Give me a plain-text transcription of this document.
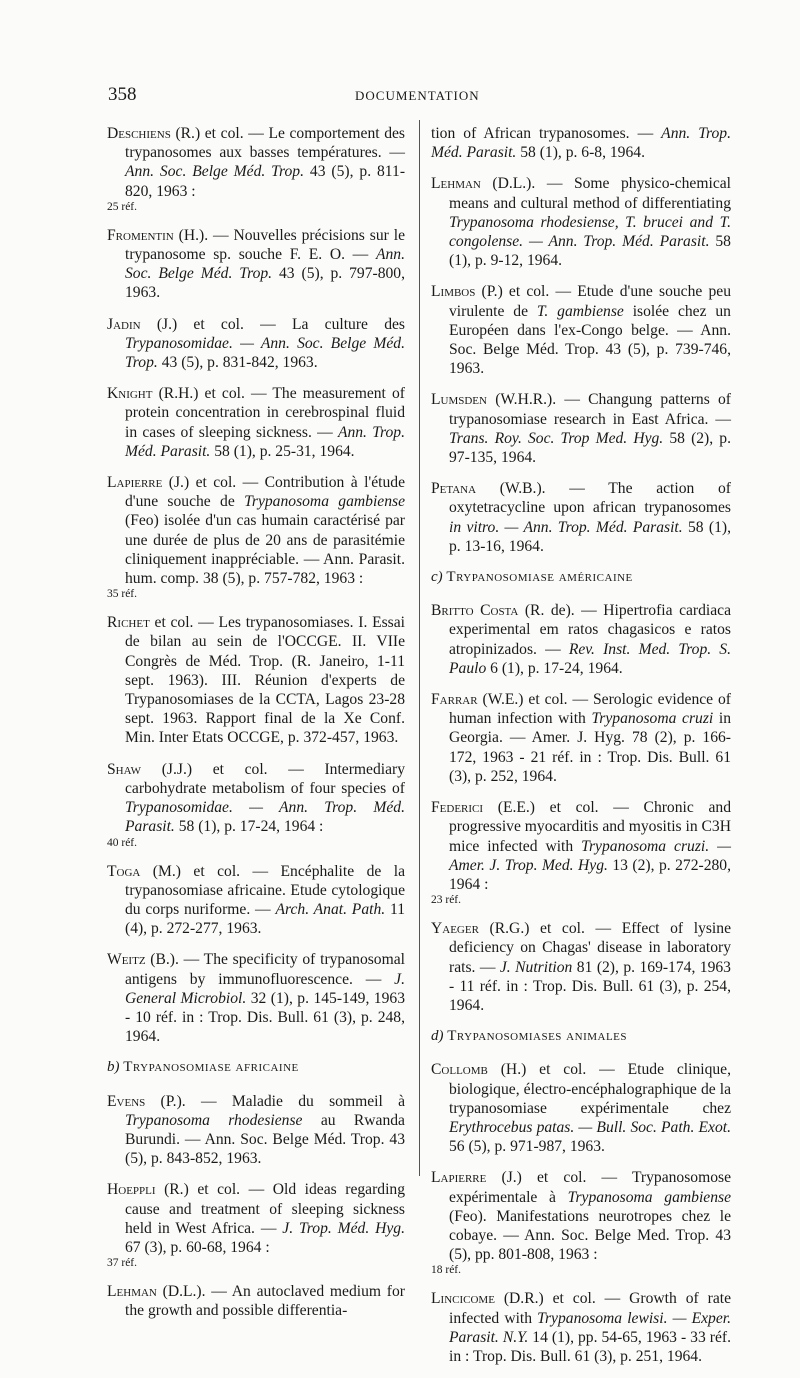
358	DOCUMENTATION
Deschiens (R.) et col. — Le comportement des trypanosomes aux basses températures. — Ann. Soc. Belge Méd. Trop. 43 (5), p. 811-820, 1963 :
25 réf.
Fromentin (H.). — Nouvelles précisions sur le trypanosome sp. souche F. E. O. — Ann. Soc. Belge Méd. Trop. 43 (5), p. 797-800, 1963.
Jadin (J.) et col. — La culture des Trypanosomidae. — Ann. Soc. Belge Méd. Trop. 43 (5), p. 831-842, 1963.
Knight (R.H.) et col. — The measurement of protein concentration in cerebrospinal fluid in cases of sleeping sickness. — Ann. Trop. Méd. Parasit. 58 (1), p. 25-31, 1964.
Lapierre (J.) et col. — Contribution à l'étude d'une souche de Trypanosoma gambiense (Feo) isolée d'un cas humain caractérisé par une durée de plus de 20 ans de parasitémie cliniquement inappréciable. — Ann. Parasit. hum. comp. 38 (5), p. 757-782, 1963 :
35 réf.
Richet et col. — Les trypanosomiases. I. Essai de bilan au sein de l'OCCGE. II. VIIe Congrès de Méd. Trop. (R. Janeiro, 1-11 sept. 1963). III. Réunion d'experts de Trypanosomiases de la CCTA, Lagos 23-28 sept. 1963. Rapport final de la Xe Conf. Min. Inter Etats OCCGE, p. 372-457, 1963.
Shaw (J.J.) et col. — Intermediary carbohydrate metabolism of four species of Trypanosomidae. — Ann. Trop. Méd. Parasit. 58 (1), p. 17-24, 1964 :
40 réf.
Toga (M.) et col. — Encéphalite de la trypanosomiase africaine. Etude cytologique du corps nuriforme. — Arch. Anat. Path. 11 (4), p. 272-277, 1963.
Weitz (B.). — The specificity of trypanosomal antigens by immunofluorescence. — J. General Microbiol. 32 (1), p. 145-149, 1963 - 10 réf. in : Trop. Dis. Bull. 61 (3), p. 248, 1964.
b) Trypanosomiase africaine
Evens (P.). — Maladie du sommeil à Trypanosoma rhodesiense au Rwanda Burundi. — Ann. Soc. Belge Méd. Trop. 43 (5), p. 843-852, 1963.
Hoeppli (R.) et col. — Old ideas regarding cause and treatment of sleeping sickness held in West Africa. — J. Trop. Méd. Hyg. 67 (3), p. 60-68, 1964 :
37 réf.
Lehman (D.L.). — An autoclaved medium for the growth and possible differentia-
tion of African trypanosomes. — Ann. Trop. Méd. Parasit. 58 (1), p. 6-8, 1964.
Lehman (D.L.). — Some physico-chemical means and cultural method of differentiating Trypanosoma rhodesiense, T. brucei and T. congolense. — Ann. Trop. Méd. Parasit. 58 (1), p. 9-12, 1964.
Limbos (P.) et col. — Etude d'une souche peu virulente de T. gambiense isolée chez un Européen dans l'ex-Congo belge. — Ann. Soc. Belge Méd. Trop. 43 (5), p. 739-746, 1963.
Lumsden (W.H.R.). — Changung patterns of trypanosomiase research in East Africa. — Trans. Roy. Soc. Trop Med. Hyg. 58 (2), p. 97-135, 1964.
Petana (W.B.). — The action of oxytetracycline upon african trypanosomes in vitro. — Ann. Trop. Méd. Parasit. 58 (1), p. 13-16, 1964.
c) Trypanosomiase américaine
Britto Costa (R. de). — Hipertrofia cardiaca experimental em ratos chagasicos e ratos atropinizados. — Rev. Inst. Med. Trop. S. Paulo 6 (1), p. 17-24, 1964.
Farrar (W.E.) et col. — Serologic evidence of human infection with Trypanosoma cruzi in Georgia. — Amer. J. Hyg. 78 (2), p. 166-172, 1963 - 21 réf. in : Trop. Dis. Bull. 61 (3), p. 252, 1964.
Federici (E.E.) et col. — Chronic and progressive myocarditis and myositis in C3H mice infected with Trypanosoma cruzi. — Amer. J. Trop. Med. Hyg. 13 (2), p. 272-280, 1964 :
23 réf.
Yaeger (R.G.) et col. — Effect of lysine deficiency on Chagas' disease in laboratory rats. — J. Nutrition 81 (2), p. 169-174, 1963 - 11 réf. in : Trop. Dis. Bull. 61 (3), p. 254, 1964.
d) Trypanosomiases animales
Collomb (H.) et col. — Etude clinique, biologique, électro-encéphalographique de la trypanosomiase expérimentale chez Erythrocebus patas. — Bull. Soc. Path. Exot. 56 (5), p. 971-987, 1963.
Lapierre (J.) et col. — Trypanosomose expérimentale à Trypanosoma gambiense (Feo). Manifestations neurotropes chez le cobaye. — Ann. Soc. Belge Med. Trop. 43 (5), pp. 801-808, 1963 :
18 réf.
Lincicome (D.R.) et col. — Growth of rate infected with Trypanosoma lewisi. — Exper. Parasit. N.Y. 14 (1), pp. 54-65, 1963 - 33 réf. in : Trop. Dis. Bull. 61 (3), p. 251, 1964.
